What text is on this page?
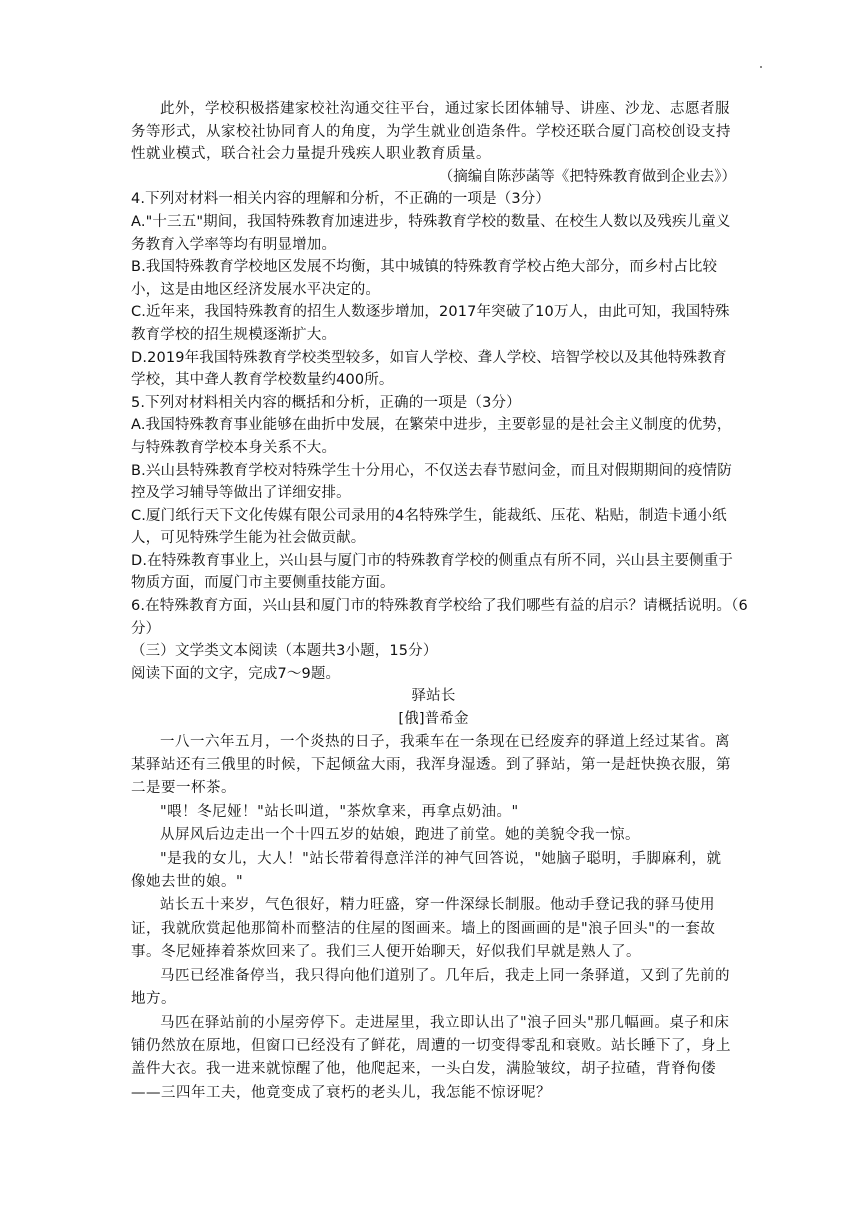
此外，学校积极搭建家校社沟通交往平台，通过家长团体辅导、讲座、沙龙、志愿者服务等形式，从家校社协同育人的角度，为学生就业创造条件。学校还联合厦门高校创设支持性就业模式，联合社会力量提升残疾人职业教育质量。

（摘编自陈莎菡等《把特殊教育做到企业去》）

4.下列对材料一相关内容的理解和分析，不正确的一项是（3分）

A."十三五"期间，我国特殊教育加速进步，特殊教育学校的数量、在校生人数以及残疾儿童义务教育入学率等均有明显增加。

B.我国特殊教育学校地区发展不均衡，其中城镇的特殊教育学校占绝大部分，而乡村占比较小，这是由地区经济发展水平决定的。

C.近年来，我国特殊教育的招生人数逐步增加，2017年突破了10万人，由此可知，我国特殊教育学校的招生规模逐渐扩大。

D.2019年我国特殊教育学校类型较多，如盲人学校、聋人学校、培智学校以及其他特殊教育学校，其中聋人教育学校数量约400所。

5.下列对材料相关内容的概括和分析，正确的一项是（3分）

A.我国特殊教育事业能够在曲折中发展，在繁荣中进步，主要彰显的是社会主义制度的优势，与特殊教育学校本身关系不大。

B.兴山县特殊教育学校对特殊学生十分用心，不仅送去春节慰问金，而且对假期期间的疫情防控及学习辅导等做出了详细安排。

C.厦门纸行天下文化传媒有限公司录用的4名特殊学生，能裁纸、压花、粘贴，制造卡通小纸人，可见特殊学生能为社会做贡献。

D.在特殊教育事业上，兴山县与厦门市的特殊教育学校的侧重点有所不同，兴山县主要侧重于物质方面，而厦门市主要侧重技能方面。

6.在特殊教育方面，兴山县和厦门市的特殊教育学校给了我们哪些有益的启示？请概括说明。（6分）

（三）文学类文本阅读（本题共3小题，15分）

阅读下面的文字，完成7～9题。

驿站长

[俄]普希金

一八一六年五月，一个炎热的日子，我乘车在一条现在已经废弃的驿道上经过某省。离某驿站还有三俄里的时候，下起倾盆大雨，我浑身湿透。到了驿站，第一是赶快换衣服，第二是要一杯茶。

"喂！冬尼娅！"站长叫道，"茶炊拿来，再拿点奶油。"

从屏风后边走出一个十四五岁的姑娘，跑进了前堂。她的美貌令我一惊。

"是我的女儿，大人！"站长带着得意洋洋的神气回答说，"她脑子聪明，手脚麻利，就像她去世的娘。"

站长五十来岁，气色很好，精力旺盛，穿一件深绿长制服。他动手登记我的驿马使用证，我就欣赏起他那简朴而整洁的住屋的图画来。墙上的图画画的是"浪子回头"的一套故事。冬尼娅捧着茶炊回来了。我们三人便开始聊天，好似我们早就是熟人了。

马匹已经准备停当，我只得向他们道别了。几年后，我走上同一条驿道，又到了先前的地方。

马匹在驿站前的小屋旁停下。走进屋里，我立即认出了"浪子回头"那几幅画。桌子和床铺仍然放在原地，但窗口已经没有了鲜花，周遭的一切变得零乱和衰败。站长睡下了，身上盖件大衣。我一进来就惊醒了他，他爬起来，一头白发，满脸皱纹，胡子拉碴，背脊佝偻——三四年工夫，他竟变成了衰朽的老头儿，我怎能不惊讶呢？
